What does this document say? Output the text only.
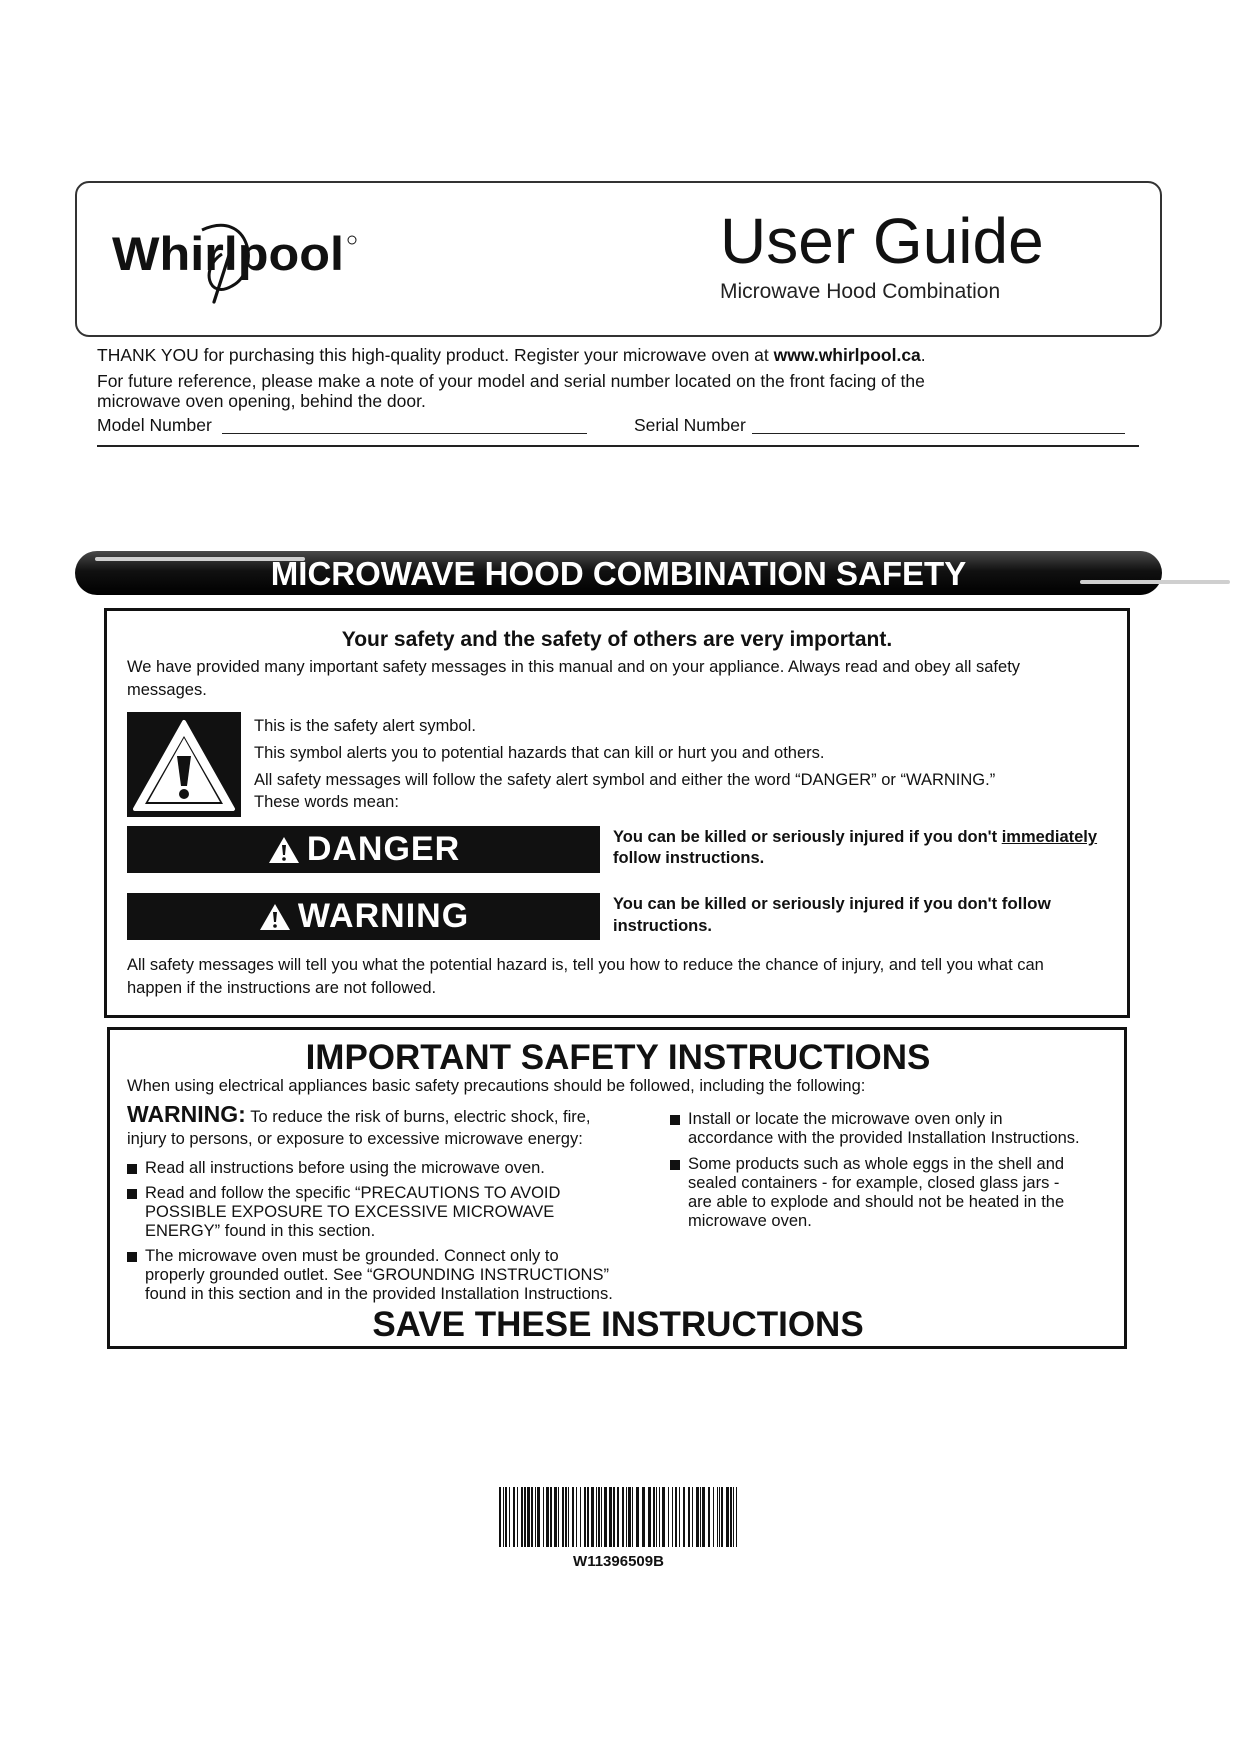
Whirlpool	User Guide
Microwave Hood Combination
THANK YOU for purchasing this high-quality product. Register your microwave oven at www.whirlpool.ca.
For future reference, please make a note of your model and serial number located on the front facing of the
microwave oven opening, behind the door.
Model Number	Serial Number
MICROWAVE HOOD COMBINATION SAFETY
Your safety and the safety of others are very important.
We have provided many important safety messages in this manual and on your appliance. Always read and obey all safety
messages.
This is the safety alert symbol.
This symbol alerts you to potential hazards that can kill or hurt you and others.
All safety messages will follow the safety alert symbol and either the word “DANGER” or “WARNING.”
These words mean:
DANGER	You can be killed or seriously injured if you don't immediately
follow instructions.
WARNING	You can be killed or seriously injured if you don't follow
instructions.
All safety messages will tell you what the potential hazard is, tell you how to reduce the chance of injury, and tell you what can
happen if the instructions are not followed.
IMPORTANT SAFETY INSTRUCTIONS
When using electrical appliances basic safety precautions should be followed, including the following:
WARNING: To reduce the risk of burns, electric shock, fire,
injury to persons, or exposure to excessive microwave energy:
Read all instructions before using the microwave oven.
Read and follow the specific “PRECAUTIONS TO AVOID
POSSIBLE EXPOSURE TO EXCESSIVE MICROWAVE
ENERGY” found in this section.
The microwave oven must be grounded. Connect only to
properly grounded outlet. See “GROUNDING INSTRUCTIONS”
found in this section and in the provided Installation Instructions.
Install or locate the microwave oven only in
accordance with the provided Installation Instructions.
Some products such as whole eggs in the shell and
sealed containers - for example, closed glass jars -
are able to explode and should not be heated in the
microwave oven.
SAVE THESE INSTRUCTIONS
W11396509B
